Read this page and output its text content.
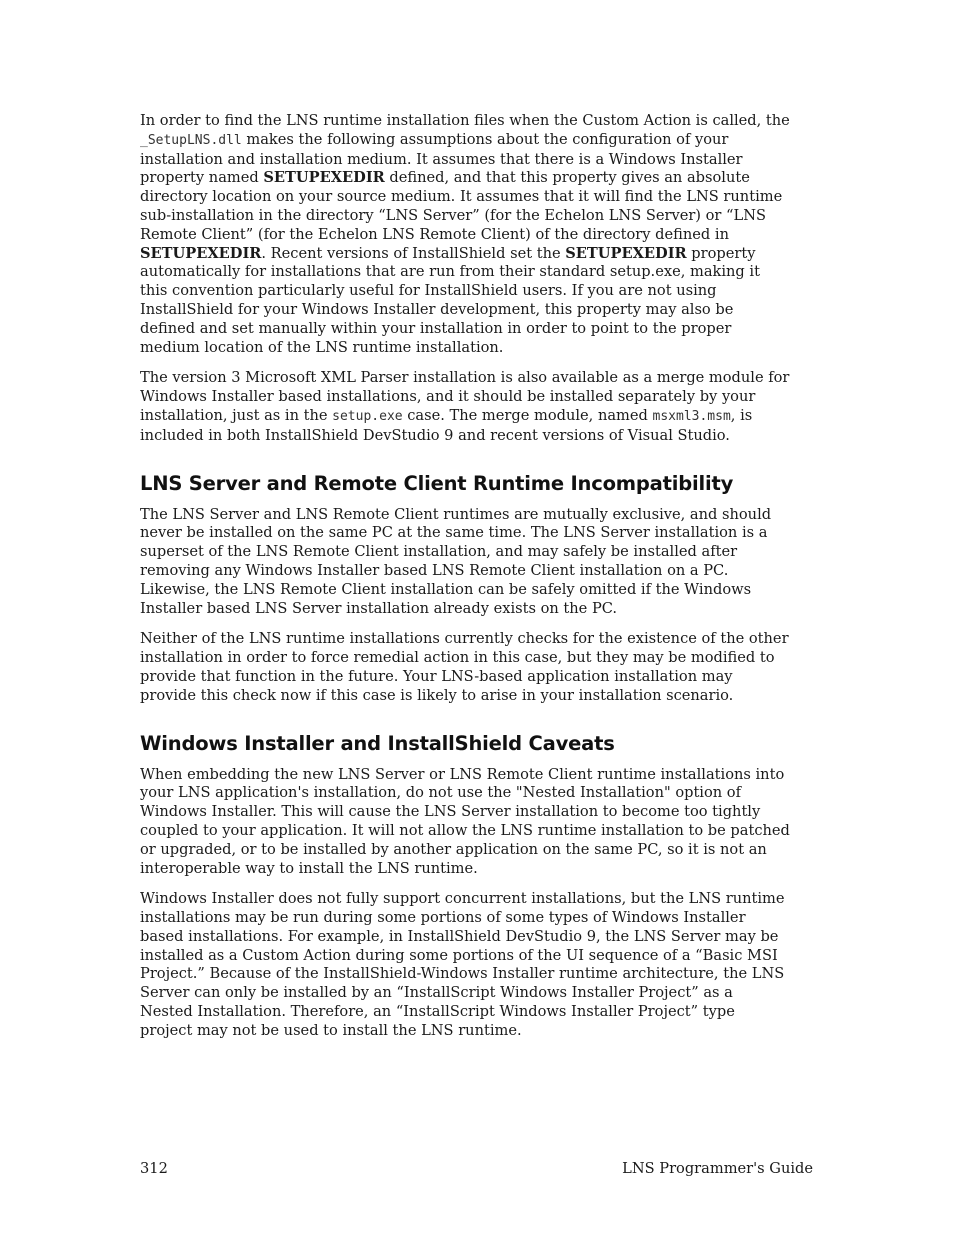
In order to find the LNS runtime installation files when the Custom Action is called, the _SetupLNS.dll makes the following assumptions about the configuration of your installation and installation medium. It assumes that there is a Windows Installer property named SETUPEXEDIR defined, and that this property gives an absolute directory location on your source medium. It assumes that it will find the LNS runtime sub-installation in the directory “LNS Server” (for the Echelon LNS Server) or “LNS Remote Client” (for the Echelon LNS Remote Client) of the directory defined in SETUPEXEDIR. Recent versions of InstallShield set the SETUPEXEDIR property automatically for installations that are run from their standard setup.exe, making it this convention particularly useful for InstallShield users. If you are not using InstallShield for your Windows Installer development, this property may also be defined and set manually within your installation in order to point to the proper medium location of the LNS runtime installation.

The version 3 Microsoft XML Parser installation is also available as a merge module for Windows Installer based installations, and it should be installed separately by your installation, just as in the setup.exe case. The merge module, named msxml3.msm, is included in both InstallShield DevStudio 9 and recent versions of Visual Studio.

LNS Server and Remote Client Runtime Incompatibility

The LNS Server and LNS Remote Client runtimes are mutually exclusive, and should never be installed on the same PC at the same time. The LNS Server installation is a superset of the LNS Remote Client installation, and may safely be installed after removing any Windows Installer based LNS Remote Client installation on a PC. Likewise, the LNS Remote Client installation can be safely omitted if the Windows Installer based LNS Server installation already exists on the PC.

Neither of the LNS runtime installations currently checks for the existence of the other installation in order to force remedial action in this case, but they may be modified to provide that function in the future. Your LNS-based application installation may provide this check now if this case is likely to arise in your installation scenario.

Windows Installer and InstallShield Caveats

When embedding the new LNS Server or LNS Remote Client runtime installations into your LNS application's installation, do not use the "Nested Installation" option of Windows Installer. This will cause the LNS Server installation to become too tightly coupled to your application. It will not allow the LNS runtime installation to be patched or upgraded, or to be installed by another application on the same PC, so it is not an interoperable way to install the LNS runtime.

Windows Installer does not fully support concurrent installations, but the LNS runtime installations may be run during some portions of some types of Windows Installer based installations. For example, in InstallShield DevStudio 9, the LNS Server may be installed as a Custom Action during some portions of the UI sequence of a “Basic MSI Project.” Because of the InstallShield-Windows Installer runtime architecture, the LNS Server can only be installed by an “InstallScript Windows Installer Project” as a Nested Installation. Therefore, an “InstallScript Windows Installer Project” type project may not be used to install the LNS runtime.

312	LNS Programmer's Guide
